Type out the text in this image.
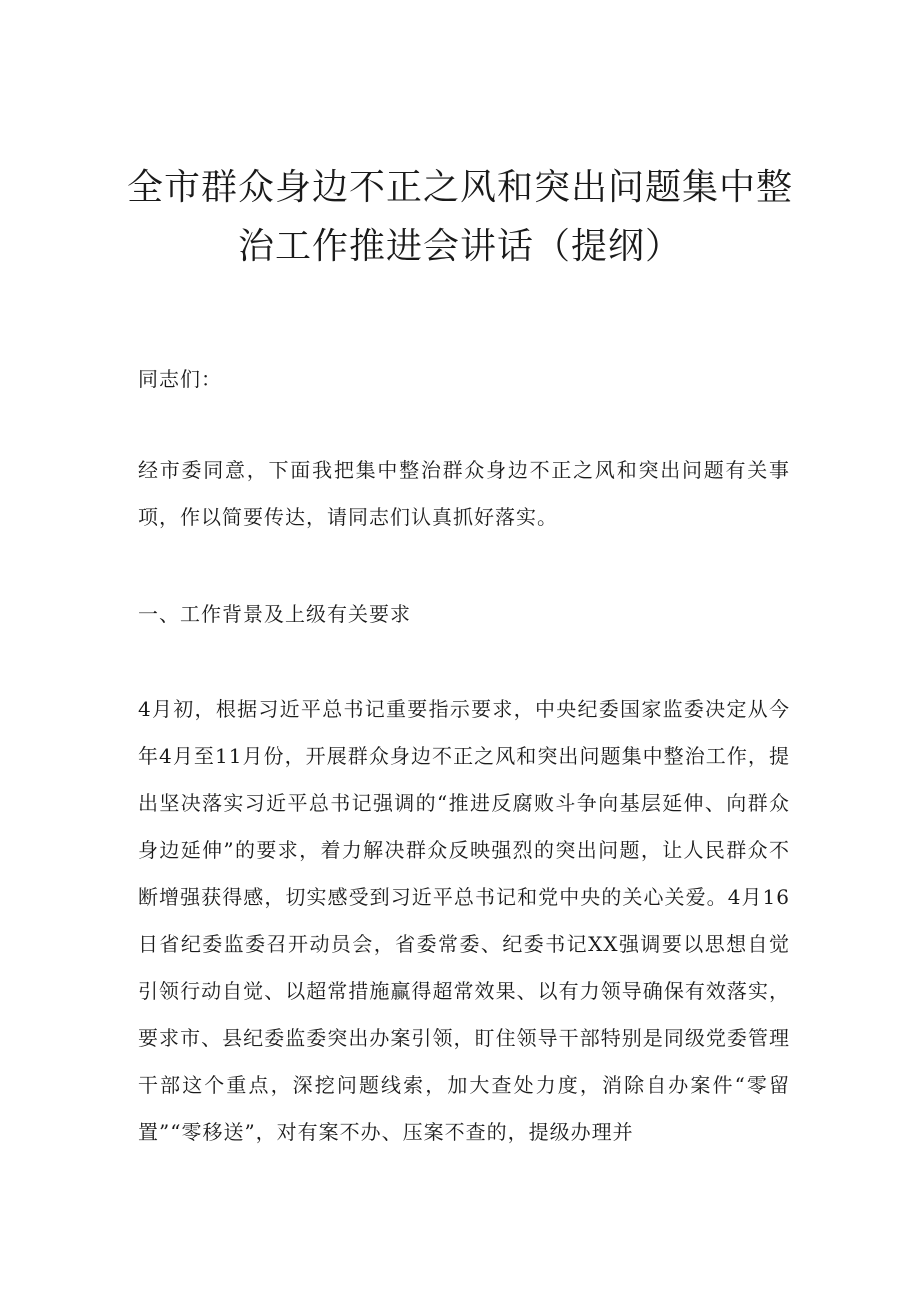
全市群众身边不正之风和突出问题集中整
治工作推进会讲话（提纲）

同志们：

经市委同意，下面我把集中整治群众身边不正之风和突出问题有关事项，作以简要传达，请同志们认真抓好落实。

一、工作背景及上级有关要求

4月初，根据习近平总书记重要指示要求，中央纪委国家监委决定从今年4月至11月份，开展群众身边不正之风和突出问题集中整治工作，提出坚决落实习近平总书记强调的“推进反腐败斗争向基层延伸、向群众身边延伸”的要求，着力解决群众反映强烈的突出问题，让人民群众不断增强获得感，切实感受到习近平总书记和党中央的关心关爱。4月16日省纪委监委召开动员会，省委常委、纪委书记XX强调要以思想自觉引领行动自觉、以超常措施赢得超常效果、以有力领导确保有效落实，要求市、县纪委监委突出办案引领，盯住领导干部特别是同级党委管理干部这个重点，深挖问题线索，加大查处力度，消除自办案件“零留置”“零移送”，对有案不办、压案不查的，提级办理并
